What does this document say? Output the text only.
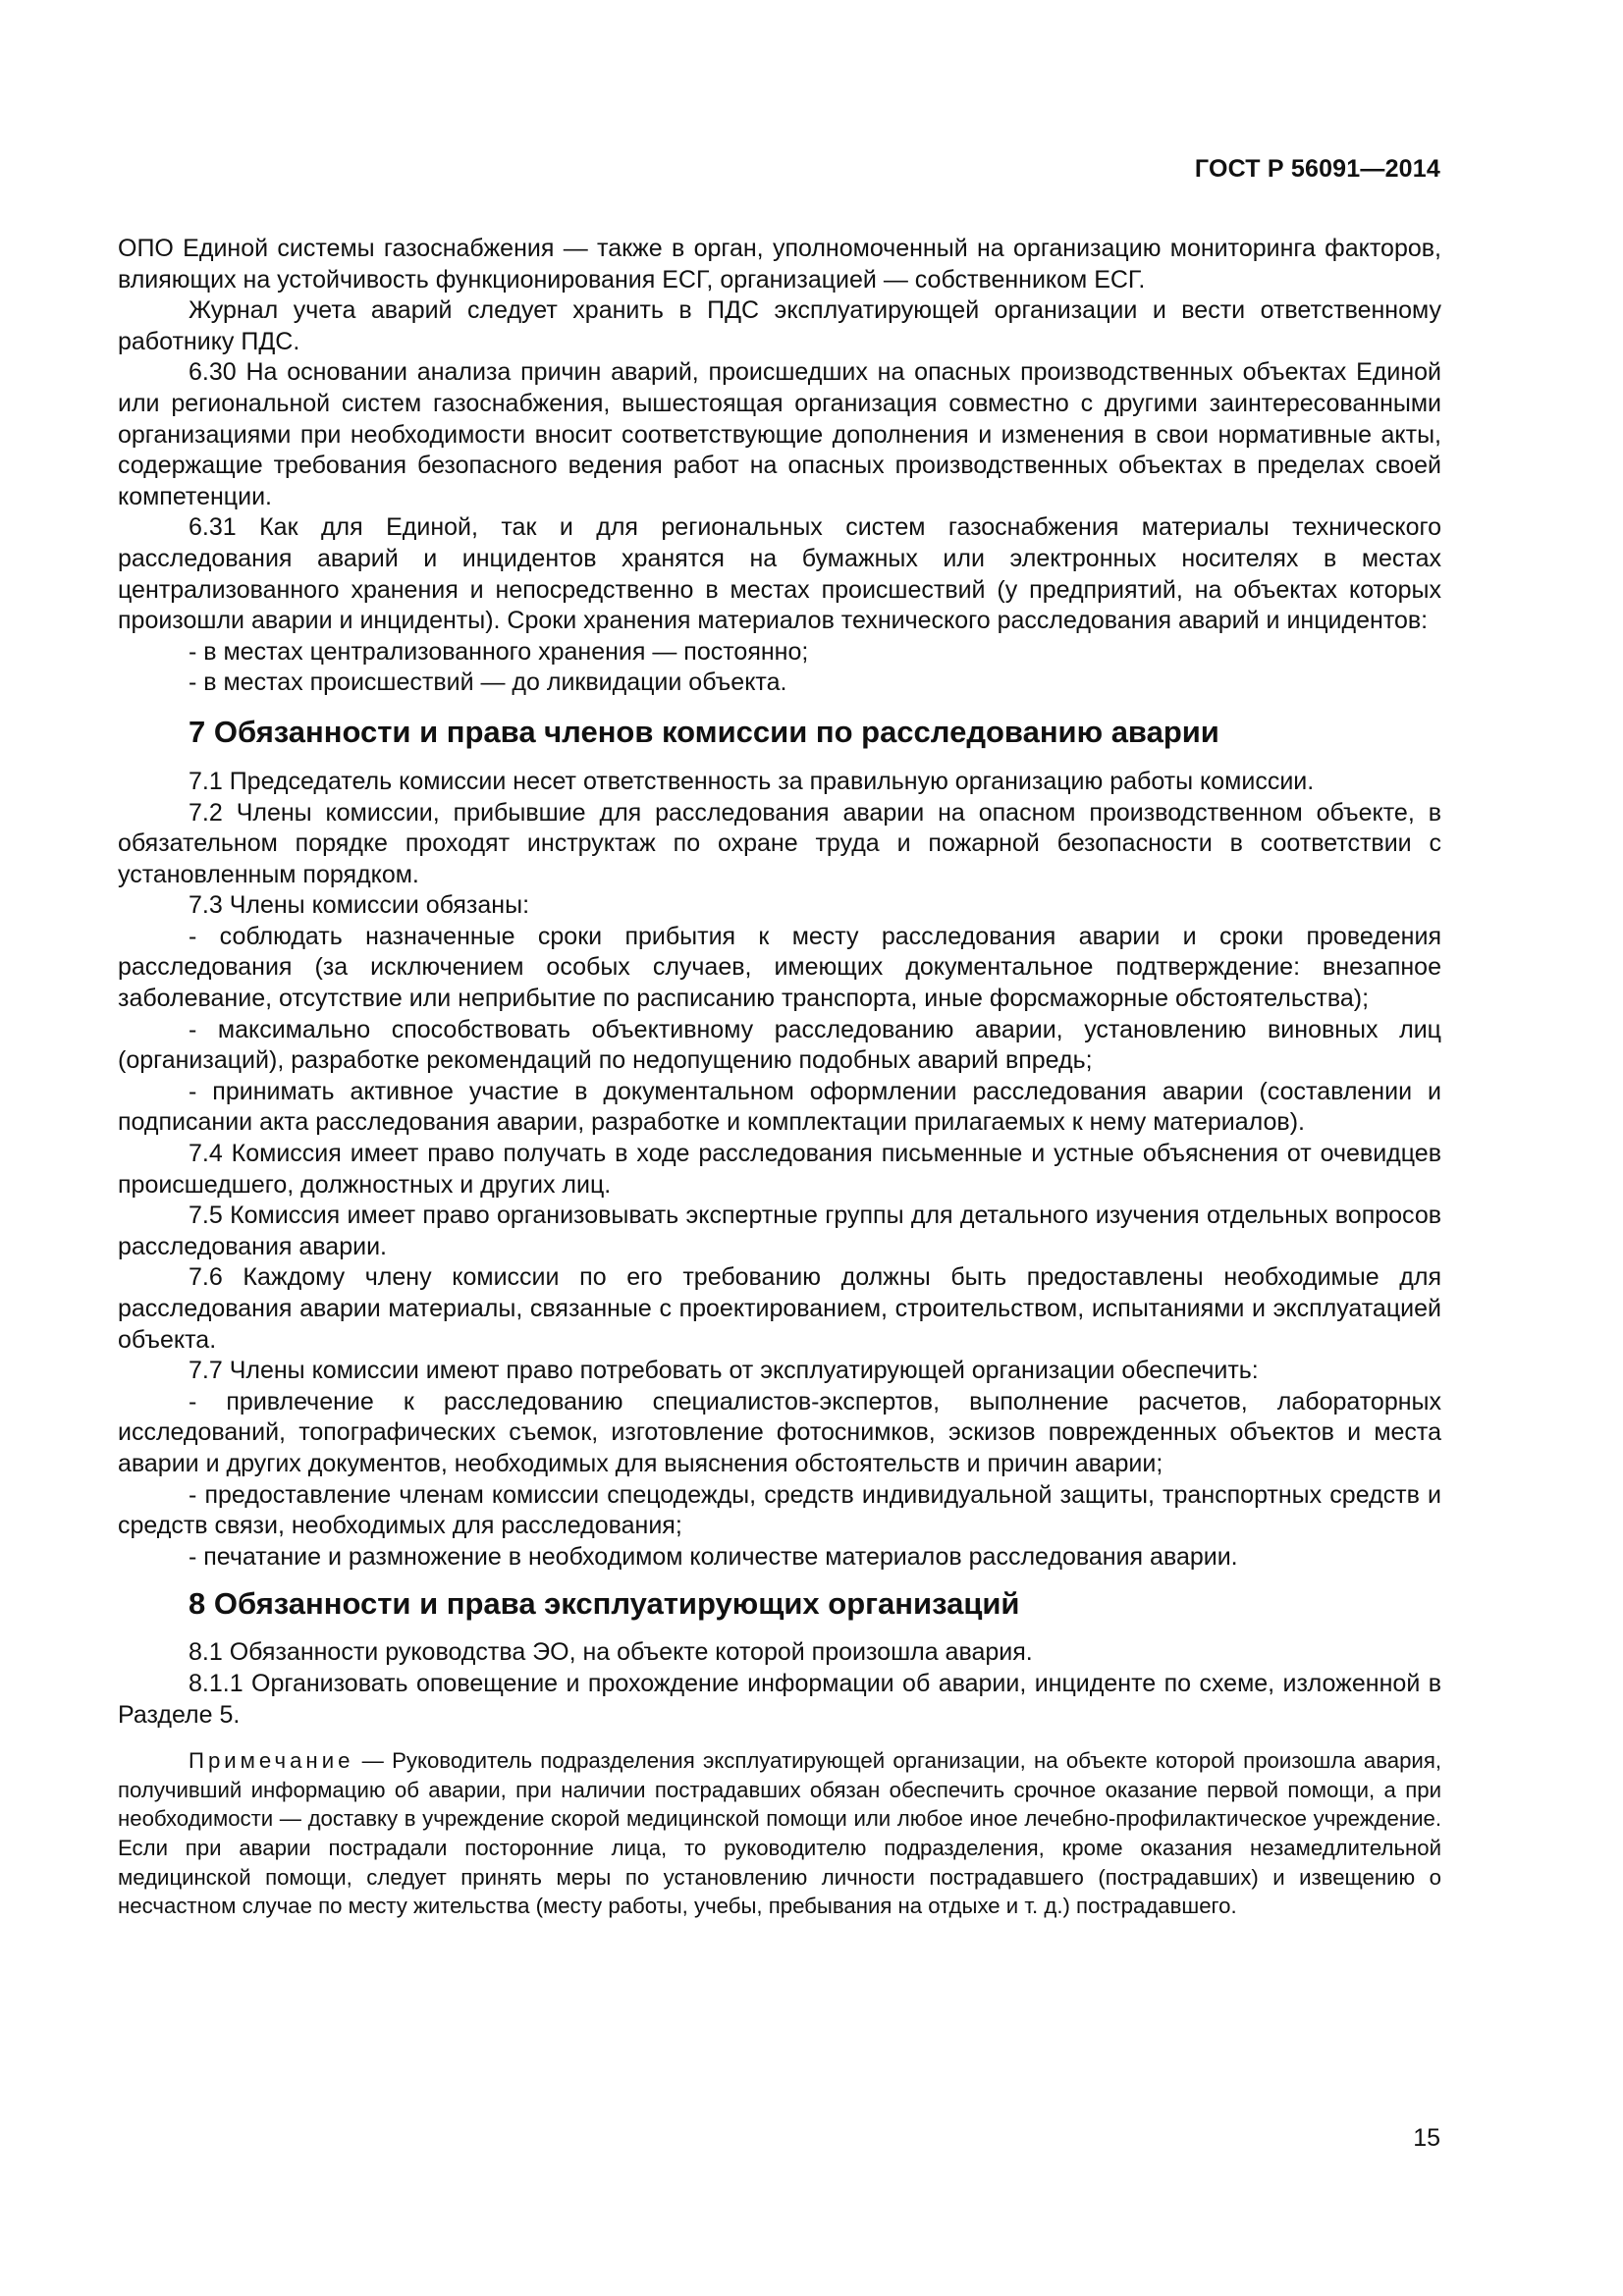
ГОСТ Р 56091—2014

ОПО Единой системы газоснабжения — также в орган, уполномоченный на организацию мониторинга факторов, влияющих на устойчивость функционирования ЕСГ, организацией — собственником ЕСГ.

Журнал учета аварий следует хранить в ПДС эксплуатирующей организации и вести ответственному работнику ПДС.

6.30 На основании анализа причин аварий, происшедших на опасных производственных объектах Единой или региональной систем газоснабжения, вышестоящая организация совместно с другими заинтересованными организациями при необходимости вносит соответствующие дополнения и изменения в свои нормативные акты, содержащие требования безопасного ведения работ на опасных производственных объектах в пределах своей компетенции.

6.31 Как для Единой, так и для региональных систем газоснабжения материалы технического расследования аварий и инцидентов хранятся на бумажных или электронных носителях в местах централизованного хранения и непосредственно в местах происшествий (у предприятий, на объектах которых произошли аварии и инциденты). Сроки хранения материалов технического расследования аварий и инцидентов:

- в местах централизованного хранения — постоянно;

- в местах происшествий — до ликвидации объекта.

7 Обязанности и права членов комиссии по расследованию аварии

7.1 Председатель комиссии несет ответственность за правильную организацию работы комиссии.

7.2 Члены комиссии, прибывшие для расследования аварии на опасном производственном объекте, в обязательном порядке проходят инструктаж по охране труда и пожарной безопасности в соответствии с установленным порядком.

7.3 Члены комиссии обязаны:

- соблюдать назначенные сроки прибытия к месту расследования аварии и сроки проведения расследования (за исключением особых случаев, имеющих документальное подтверждение: внезапное заболевание, отсутствие или неприбытие по расписанию транспорта, иные форсмажорные обстоятельства);

- максимально способствовать объективному расследованию аварии, установлению виновных лиц (организаций), разработке рекомендаций по недопущению подобных аварий впредь;

- принимать активное участие в документальном оформлении расследования аварии (составлении и подписании акта расследования аварии, разработке и комплектации прилагаемых к нему материалов).

7.4 Комиссия имеет право получать в ходе расследования письменные и устные объяснения от очевидцев происшедшего, должностных и других лиц.

7.5 Комиссия имеет право организовывать экспертные группы для детального изучения отдельных вопросов расследования аварии.

7.6 Каждому члену комиссии по его требованию должны быть предоставлены необходимые для расследования аварии материалы, связанные с проектированием, строительством, испытаниями и эксплуатацией объекта.

7.7 Члены комиссии имеют право потребовать от эксплуатирующей организации обеспечить:

- привлечение к расследованию специалистов-экспертов, выполнение расчетов, лабораторных исследований, топографических съемок, изготовление фотоснимков, эскизов поврежденных объектов и места аварии и других документов, необходимых для выяснения обстоятельств и причин аварии;

- предоставление членам комиссии спецодежды, средств индивидуальной защиты, транспортных средств и средств связи, необходимых для расследования;

- печатание и размножение в необходимом количестве материалов расследования аварии.

8 Обязанности и права эксплуатирующих организаций

8.1 Обязанности руководства ЭО, на объекте которой произошла авария.

8.1.1 Организовать оповещение и прохождение информации об аварии, инциденте по схеме, изложенной в Разделе 5.

Примечание — Руководитель подразделения эксплуатирующей организации, на объекте которой произошла авария, получивший информацию об аварии, при наличии пострадавших обязан обеспечить срочное оказание первой помощи, а при необходимости — доставку в учреждение скорой медицинской помощи или любое иное лечебно-профилактическое учреждение. Если при аварии пострадали посторонние лица, то руководителю подразделения, кроме оказания незамедлительной медицинской помощи, следует принять меры по установлению личности пострадавшего (пострадавших) и извещению о несчастном случае по месту жительства (месту работы, учебы, пребывания на отдыхе и т. д.) пострадавшего.

15
